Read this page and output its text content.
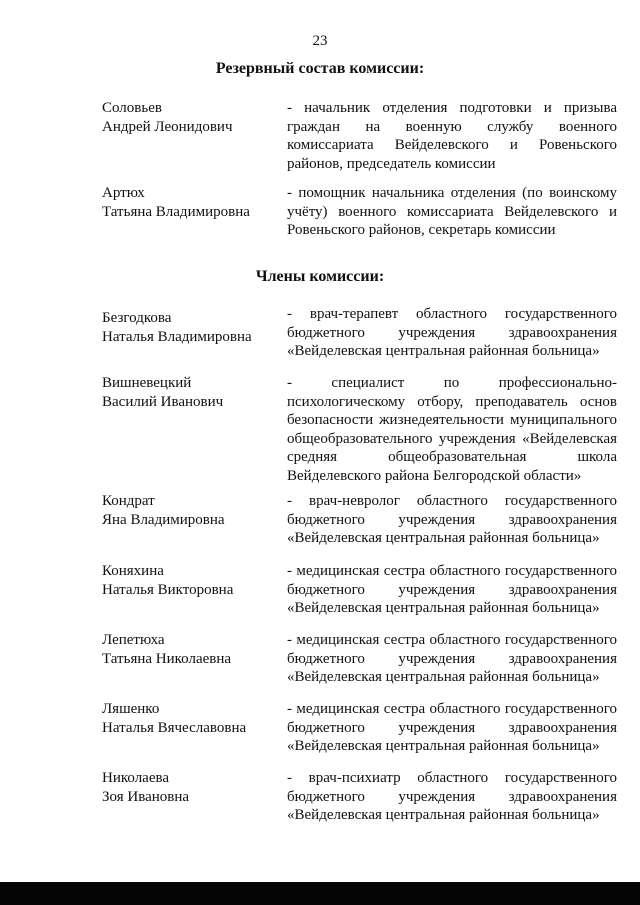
23
Резервный состав комиссии:
Соловьев
Андрей Леонидович
- начальник отделения подготовки и призыва граждан на военную службу военного комиссариата Вейделевского и Ровеньского районов, председатель комиссии
Артюх
Татьяна Владимировна
- помощник начальника отделения (по воинскому учёту) военного комиссариата Вейделевского и Ровеньского районов, секретарь комиссии
Члены комиссии:
Безгодкова
Наталья Владимировна
- врач-терапевт областного государственного бюджетного учреждения здравоохранения «Вейделевская центральная районная больница»
Вишневецкий
Василий Иванович
- специалист по профессионально-психологическому отбору, преподаватель основ безопасности жизнедеятельности муниципального общеобразовательного учреждения «Вейделевская средняя общеобразовательная школа Вейделевского района Белгородской области»
Кондрат
Яна Владимировна
- врач-невролог областного государственного бюджетного учреждения здравоохранения «Вейделевская центральная районная больница»
Коняхина
Наталья Викторовна
- медицинская сестра областного государственного бюджетного учреждения здравоохранения «Вейделевская центральная районная больница»
Лепетюха
Татьяна Николаевна
- медицинская сестра областного государственного бюджетного учреждения здравоохранения «Вейделевская центральная районная больница»
Ляшенко
Наталья Вячеславовна
- медицинская сестра областного государственного бюджетного учреждения здравоохранения «Вейделевская центральная районная больница»
Николаева
Зоя Ивановна
- врач-психиатр областного государственного бюджетного учреждения здравоохранения «Вейделевская центральная районная больница»
